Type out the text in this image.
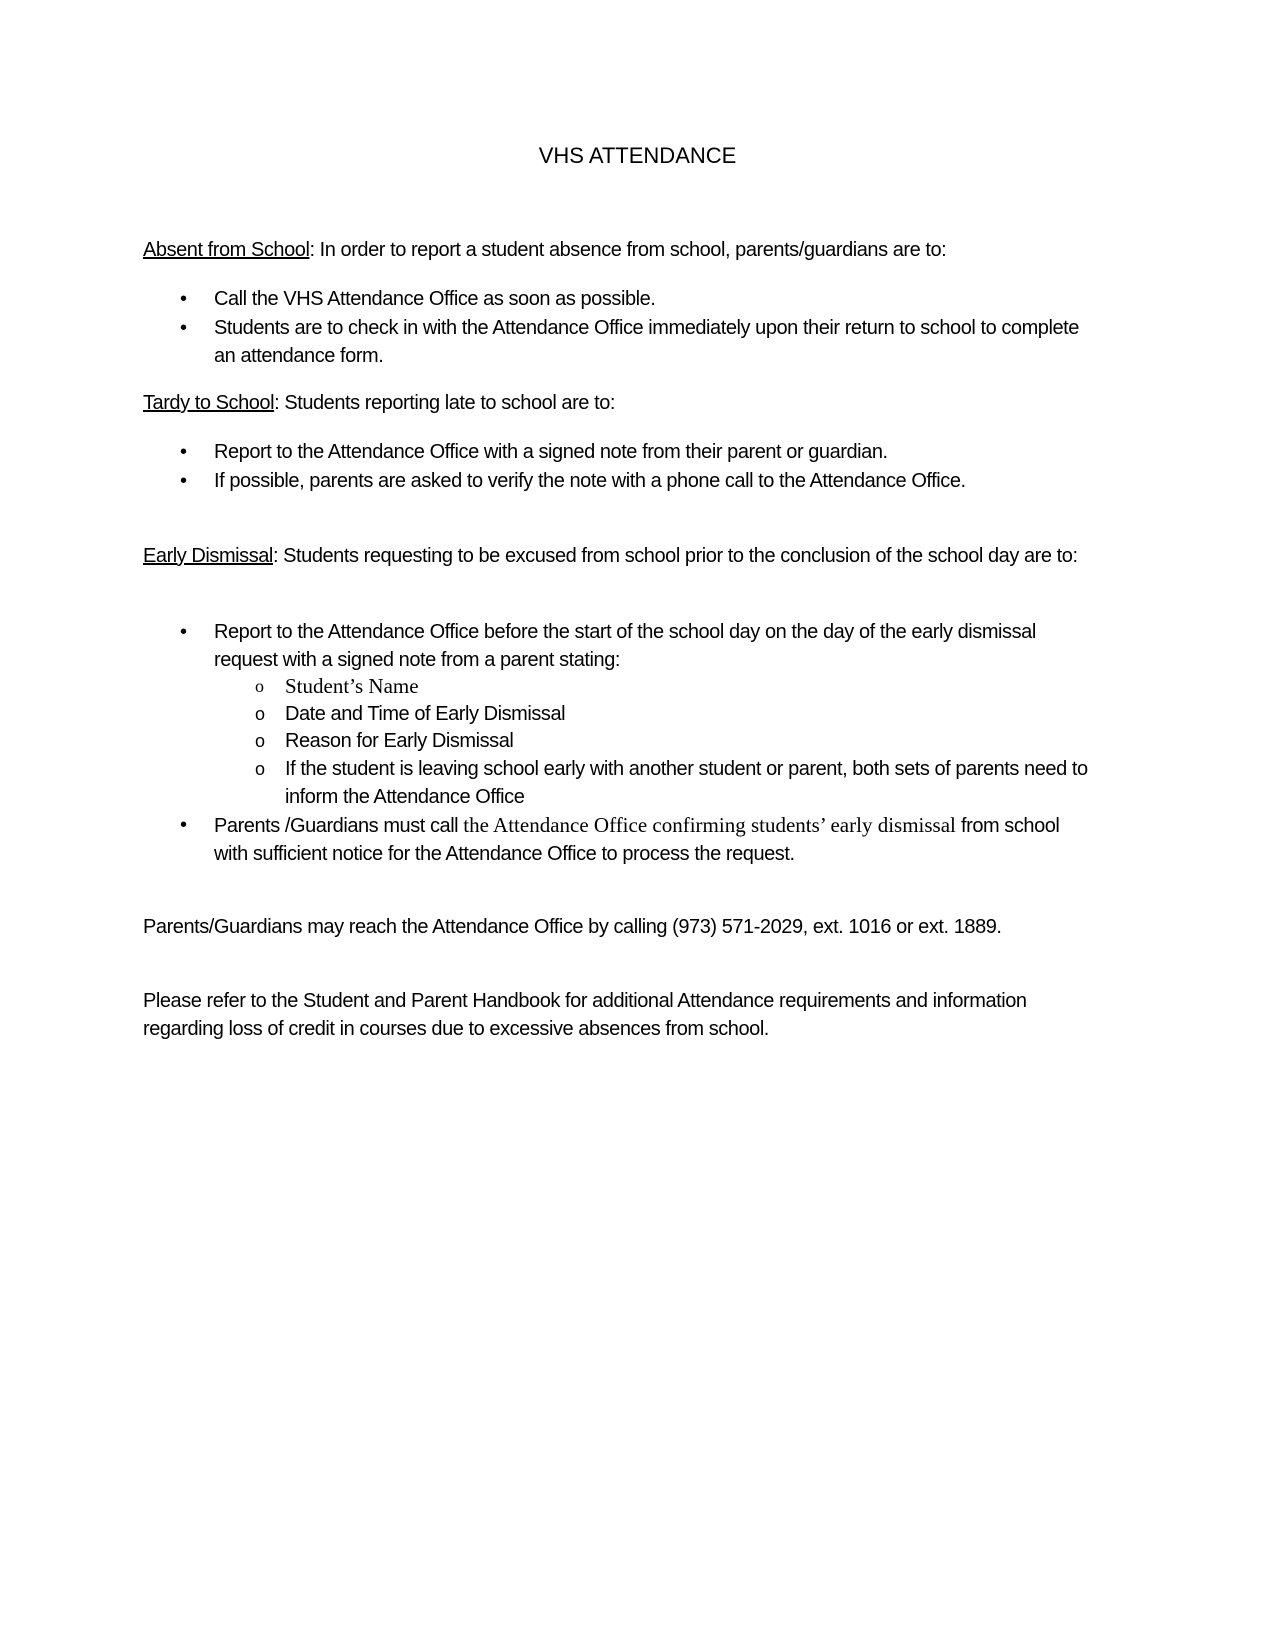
VHS ATTENDANCE
Absent from School: In order to report a student absence from school, parents/guardians are to:
• Call the VHS Attendance Office as soon as possible.
• Students are to check in with the Attendance Office immediately upon their return to school to complete an attendance form.
Tardy to School: Students reporting late to school are to:
• Report to the Attendance Office with a signed note from their parent or guardian.
• If possible, parents are asked to verify the note with a phone call to the Attendance Office.
Early Dismissal: Students requesting to be excused from school prior to the conclusion of the school day are to:
• Report to the Attendance Office before the start of the school day on the day of the early dismissal request with a signed note from a parent stating:
o Student’s Name
o Date and Time of Early Dismissal
o Reason for Early Dismissal
o If the student is leaving school early with another student or parent, both sets of parents need to inform the Attendance Office
• Parents /Guardians must call the Attendance Office confirming students’ early dismissal from school with sufficient notice for the Attendance Office to process the request.
Parents/Guardians may reach the Attendance Office by calling (973) 571-2029, ext. 1016 or ext. 1889.
Please refer to the Student and Parent Handbook for additional Attendance requirements and information regarding loss of credit in courses due to excessive absences from school.
